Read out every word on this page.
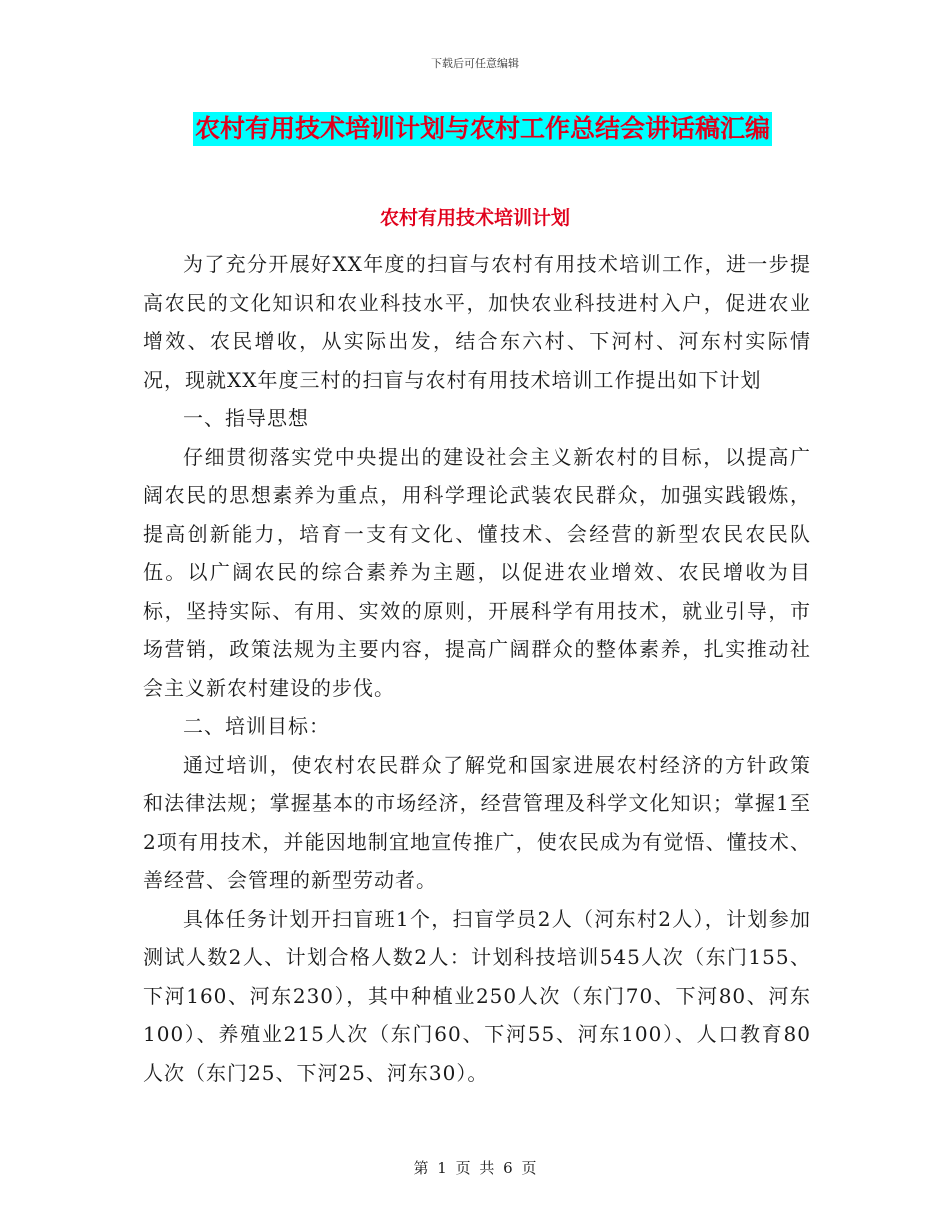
下载后可任意编辑
农村有用技术培训计划与农村工作总结会讲话稿汇编
农村有用技术培训计划

为了充分开展好XX年度的扫盲与农村有用技术培训工作，进一步提高农民的文化知识和农业科技水平，加快农业科技进村入户，促进农业增效、农民增收，从实际出发，结合东六村、下河村、河东村实际情况，现就XX年度三村的扫盲与农村有用技术培训工作提出如下计划

一、指导思想

仔细贯彻落实党中央提出的建设社会主义新农村的目标，以提高广阔农民的思想素养为重点，用科学理论武装农民群众，加强实践锻炼，提高创新能力，培育一支有文化、懂技术、会经营的新型农民农民队伍。以广阔农民的综合素养为主题，以促进农业增效、农民增收为目标，坚持实际、有用、实效的原则，开展科学有用技术，就业引导，市场营销，政策法规为主要内容，提高广阔群众的整体素养，扎实推动社会主义新农村建设的步伐。

二、培训目标：

通过培训，使农村农民群众了解党和国家进展农村经济的方针政策和法律法规；掌握基本的市场经济，经营管理及科学文化知识；掌握1至2项有用技术，并能因地制宜地宣传推广，使农民成为有觉悟、懂技术、善经营、会管理的新型劳动者。

具体任务计划开扫盲班1个，扫盲学员2人（河东村2人），计划参加测试人数2人、计划合格人数2人：计划科技培训545人次（东门155、下河160、河东230），其中种植业250人次（东门70、下河80、河东100）、养殖业215人次（东门60、下河55、河东100）、人口教育80人次（东门25、下河25、河东30）。

第 1 页 共 6 页
